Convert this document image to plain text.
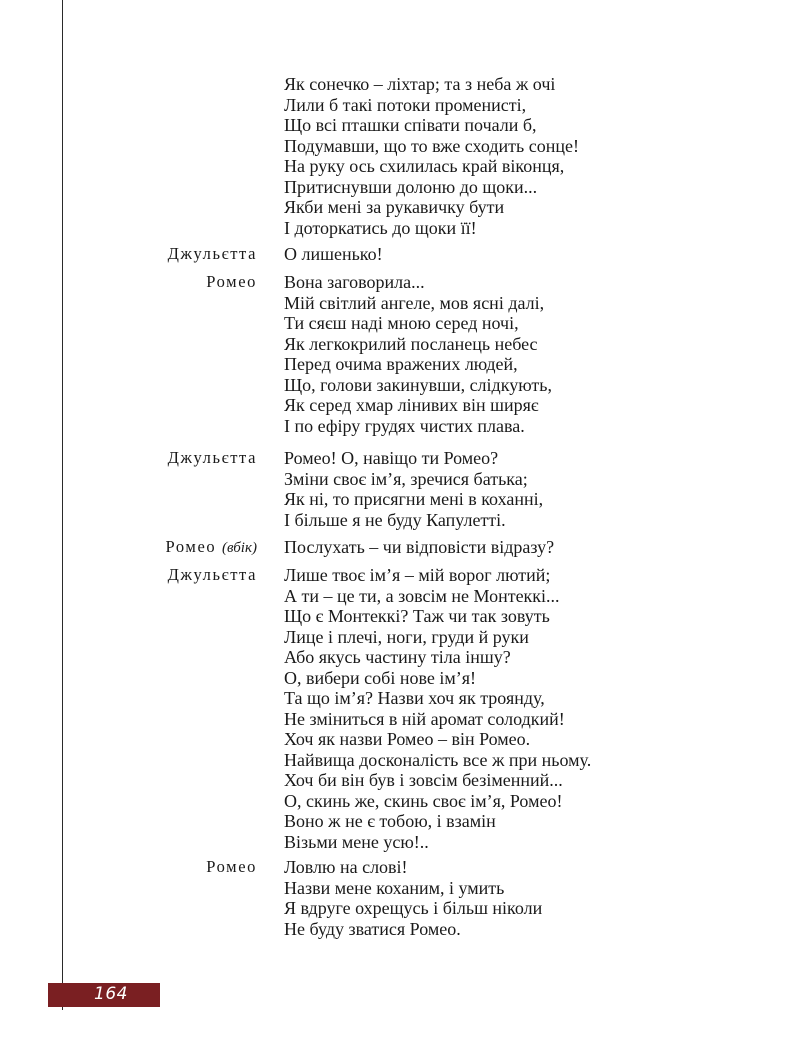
Як сонечко – ліхтар; та з неба ж очі
Лили б такі потоки променисті,
Що всі пташки співати почали б,
Подумавши, що то вже сходить сонце!
На руку ось схилилась край віконця,
Притиснувши долоню до щоки...
Якби мені за рукавичку бути
І доторкатись до щоки її!
Джульєтта О лишенько!
Ромео Вона заговорила...
Мій світлий ангеле, мов ясні далі,
Ти сяєш наді мною серед ночі,
Як легкокрилий посланець небес
Перед очима вражених людей,
Що, голови закинувши, слідкують,
Як серед хмар лінивих він ширяє
І по ефіру грудях чистих плава.
Джульєтта Ромео! О, навіщо ти Ромео?
Зміни своє ім’я, зречися батька;
Як ні, то присягни мені в коханні,
І більше я не буду Капулетті.
Ромео (вбік) Послухать – чи відповісти відразу?
Джульєтта Лише твоє ім’я – мій ворог лютий;
А ти – це ти, а зовсім не Монтеккі...
Що є Монтеккі? Таж чи так зовуть
Лице і плечі, ноги, груди й руки
Або якусь частину тіла іншу?
О, вибери собі нове ім’я!
Та що ім’я? Назви хоч як троянду,
Не зміниться в ній аромат солодкий!
Хоч як назви Ромео – він Ромео.
Найвища досконаліcть все ж при ньому.
Хоч би він був і зовсім безіменний...
О, скинь же, скинь своє ім’я, Ромео!
Воно ж не є тобою, і взамін
Візьми мене усю!..
Ромео Ловлю на слові!
Назви мене коханим, і умить
Я вдруге охрещусь і більш ніколи
Не буду зватися Ромео.
164
